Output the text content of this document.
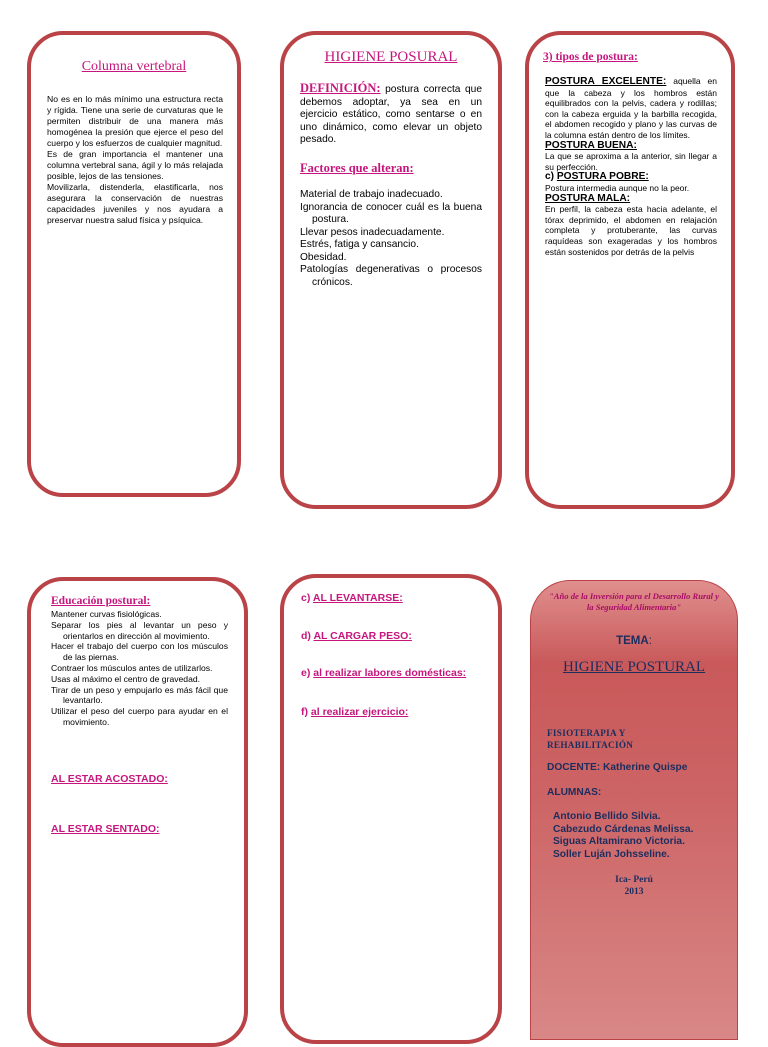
Columna vertebral

No es en lo más mínimo una estructura recta y rígida. Tiene una serie de curvaturas que le permiten distribuir de una manera más homogénea la presión que ejerce el peso del cuerpo y los esfuerzos de cualquier magnitud.

Es de gran importancia el mantener una columna vertebral sana, ágil y lo más relajada posible, lejos de las tensiones.

Movilizarla, distenderla, elastificarla, nos asegurara la conservación de nuestras capacidades juveniles y nos ayudara a preservar nuestra salud física y psíquica.

HIGIENE POSURAL
DEFINICIÓN: postura correcta que debemos adoptar, ya sea en un ejercicio estático, como sentarse o en uno dinámico, como elevar un objeto pesado.
Factores que alteran:

Material de trabajo inadecuado.

Ignorancia de conocer cuál es la buena postura.

Llevar pesos inadecuadamente.

Estrés, fatiga y cansancio.

Obesidad.

Patologías degenerativas o procesos crónicos.

3) tipos de postura:

POSTURA EXCELENTE: aquella en que la cabeza y los hombros están equilibrados con la pelvis, cadera y rodillas; con la cabeza erguida y la barbilla recogida, el abdomen recogido y plano y las curvas de la columna están dentro de los límites.

POSTURA BUENA:

La que se aproxima a la anterior, sin llegar a su perfección.

c) POSTURA POBRE:

Postura intermedia aunque no la peor.

POSTURA MALA:

En perfil, la cabeza esta hacia adelante, el tórax deprimido, el abdomen en relajación completa y protuberante, las curvas raquídeas son exageradas y los hombros están sostenidos por detrás de la pelvis

Educación postural:

Mantener curvas fisiológicas.

Separar los pies al levantar un peso y orientarlos en dirección al movimiento.

Hacer el trabajo del cuerpo con los músculos de las piernas.

Contraer los músculos antes de utilizarlos.

Usas al máximo el centro de gravedad.

Tirar de un peso y empujarlo es más fácil que levantarlo.

Utilizar el peso del cuerpo para ayudar en el movimiento.

AL ESTAR ACOSTADO:
AL ESTAR SENTADO:
c) AL LEVANTARSE:
d) AL CARGAR PESO:
e) al realizar labores domésticas:
f) al realizar ejercicio:
"Año de la Inversión para el Desarrollo Rural y la Seguridad Alimentaria"
TEMA:
HIGIENE POSTURAL

FISIOTERAPIA Y

REHABILITACIÓN

DOCENTE: Katherine Quispe
ALUMNAS:

Antonio Bellido Silvia.

Cabezudo Cárdenas Melissa.

Siguas Altamirano Victoria.

Soller Luján Johsseline.

Ica- Perú

2013
